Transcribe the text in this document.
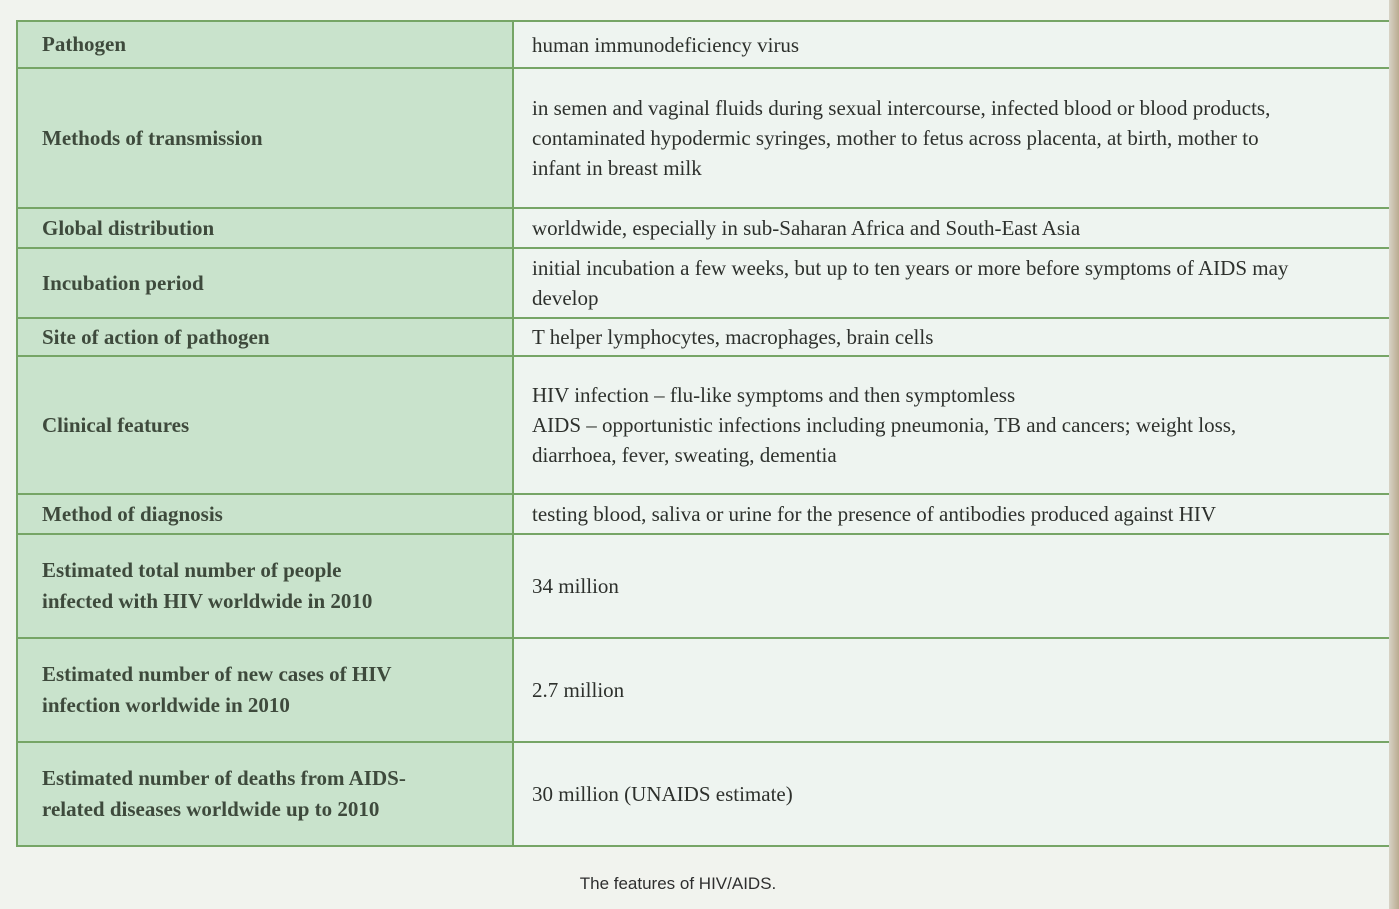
Pathogen	human immunodeficiency virus

Methods of transmission	in semen and vaginal fluids during sexual intercourse, infected blood or blood products,
contaminated hypodermic syringes, mother to fetus across placenta, at birth, mother to
infant in breast milk

Global distribution	worldwide, especially in sub-Saharan Africa and South-East Asia

Incubation period	initial incubation a few weeks, but up to ten years or more before symptoms of AIDS may
develop

Site of action of pathogen	T helper lymphocytes, macrophages, brain cells

Clinical features	HIV infection – flu-like symptoms and then symptomless
AIDS – opportunistic infections including pneumonia, TB and cancers; weight loss,
diarrhoea, fever, sweating, dementia

Method of diagnosis	testing blood, saliva or urine for the presence of antibodies produced against HIV

Estimated total number of people
infected with HIV worldwide in 2010	34 million

Estimated number of new cases of HIV
infection worldwide in 2010	2.7 million

Estimated number of deaths from AIDS-
related diseases worldwide up to 2010	30 million (UNAIDS estimate)
The features of HIV/AIDS.
